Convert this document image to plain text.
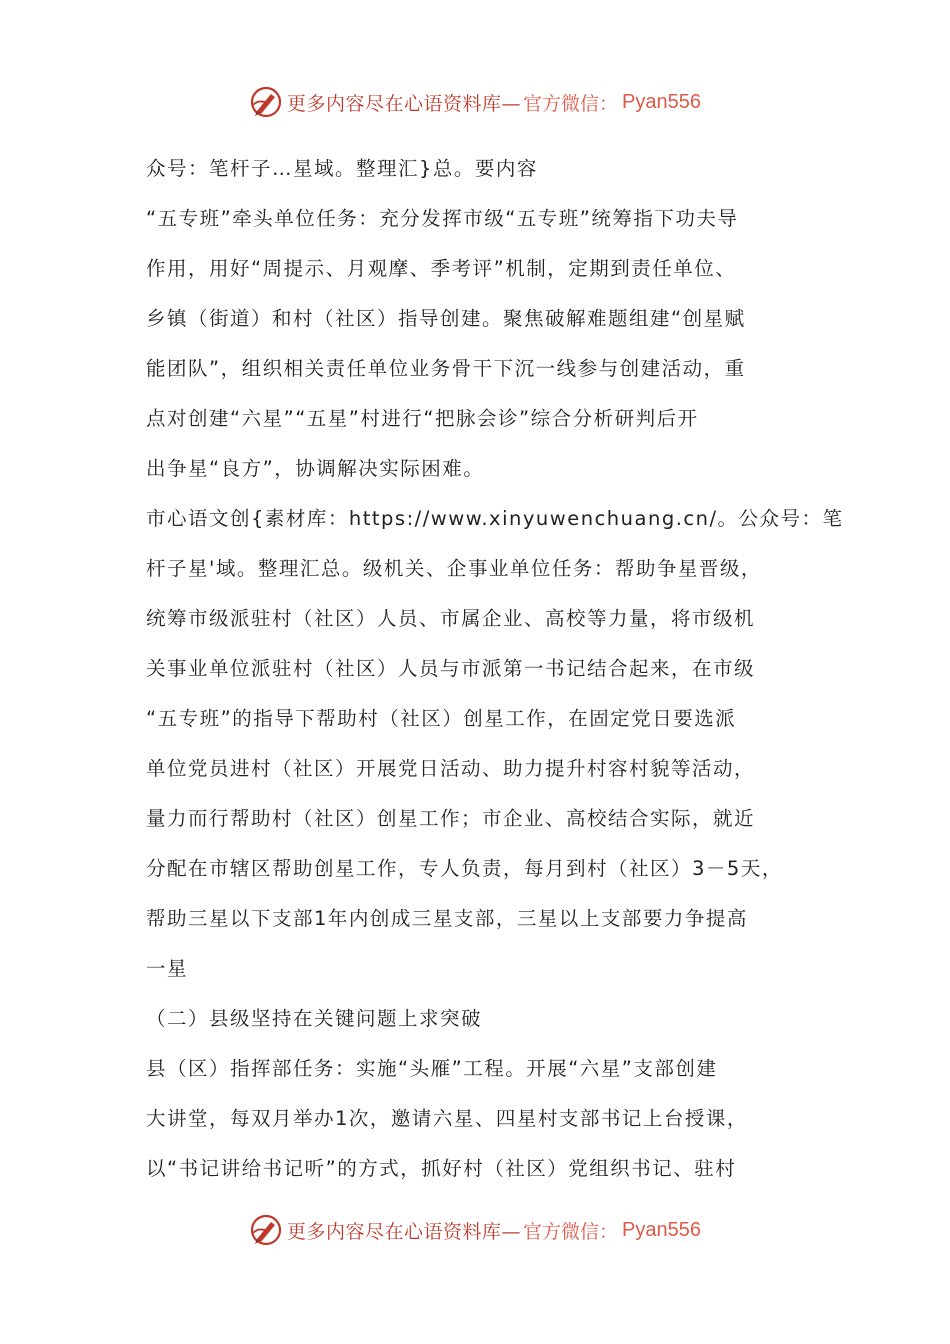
更多内容尽在心语资料库— 官方微信： Pyan556
众号：笔杆子…星域。整理汇}总。要内容
“五专班”牵头单位任务：充分发挥市级“五专班”统筹指下功夫导
作用，用好“周提示、月观摩、季考评”机制，定期到责任单位、
乡镇（街道）和村（社区）指导创建。聚焦破解难题组建“创星赋
能团队”，组织相关责任单位业务骨干下沉一线参与创建活动，重
点对创建“六星”“五星”村进行“把脉会诊”综合分析研判后开
出争星“良方”，协调解决实际困难。
市心语文创{素材库：https://www.xinyuwenchuang.cn/。公众号：笔
杆子星'域。整理汇总。级机关、企事业单位任务：帮助争星晋级，
统筹市级派驻村（社区）人员、市属企业、高校等力量，将市级机
关事业单位派驻村（社区）人员与市派第一书记结合起来，在市级
“五专班”的指导下帮助村（社区）创星工作，在固定党日要选派
单位党员进村（社区）开展党日活动、助力提升村容村貌等活动，
量力而行帮助村（社区）创星工作；市企业、高校结合实际，就近
分配在市辖区帮助创星工作，专人负责，每月到村（社区）3－5天，
帮助三星以下支部1年内创成三星支部，三星以上支部要力争提高
一星
（二）县级坚持在关键问题上求突破
县（区）指挥部任务：实施“头雁”工程。开展“六星”支部创建
大讲堂，每双月举办1次，邀请六星、四星村支部书记上台授课，
以“书记讲给书记听”的方式，抓好村（社区）党组织书记、驻村
更多内容尽在心语资料库— 官方微信： Pyan556
